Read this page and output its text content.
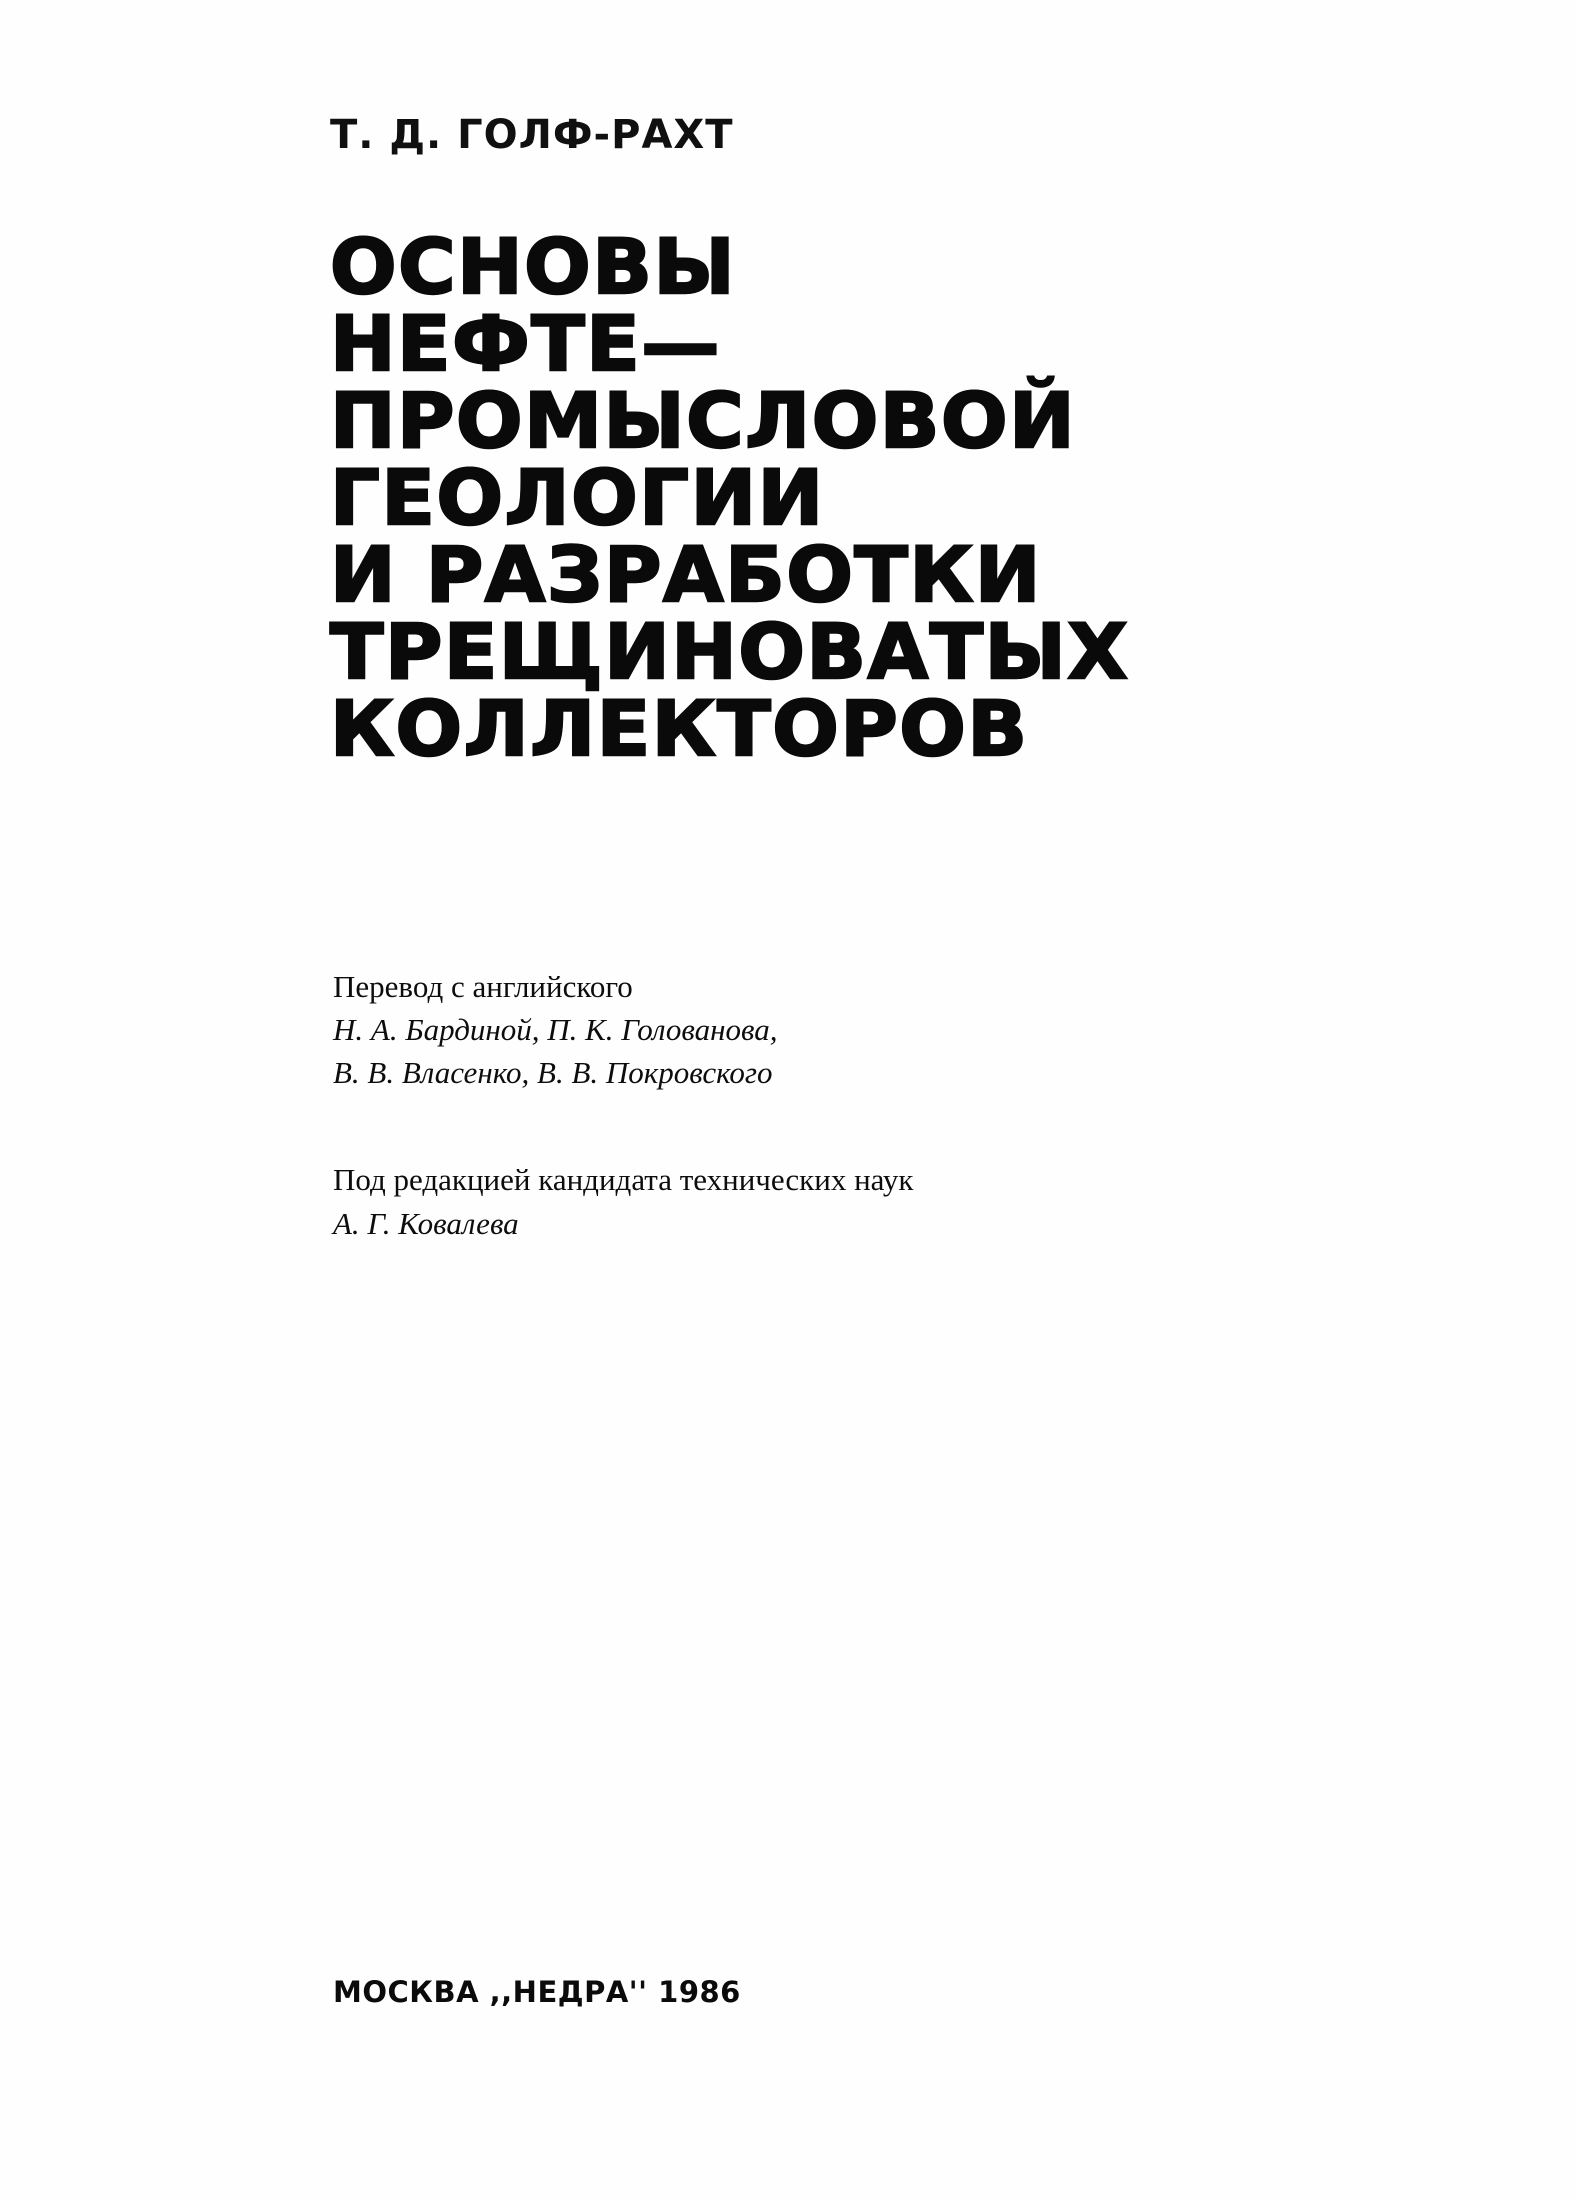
Т. Д. ГОЛФ-РАХТ
ОСНОВЫ
НЕФТЕ—
ПРОМЫСЛОВОЙ
ГЕОЛОГИИ
И РАЗРАБОТКИ
ТРЕЩИНОВАТЫХ
КОЛЛЕКТОРОВ
Перевод с английского
Н. А. Бардиной, П. К. Голованова,
В. В. Власенко, В. В. Покровского
Под редакцией кандидата технических наук
А. Г. Ковалева
МОСКВА ,,НЕДРА'' 1986
